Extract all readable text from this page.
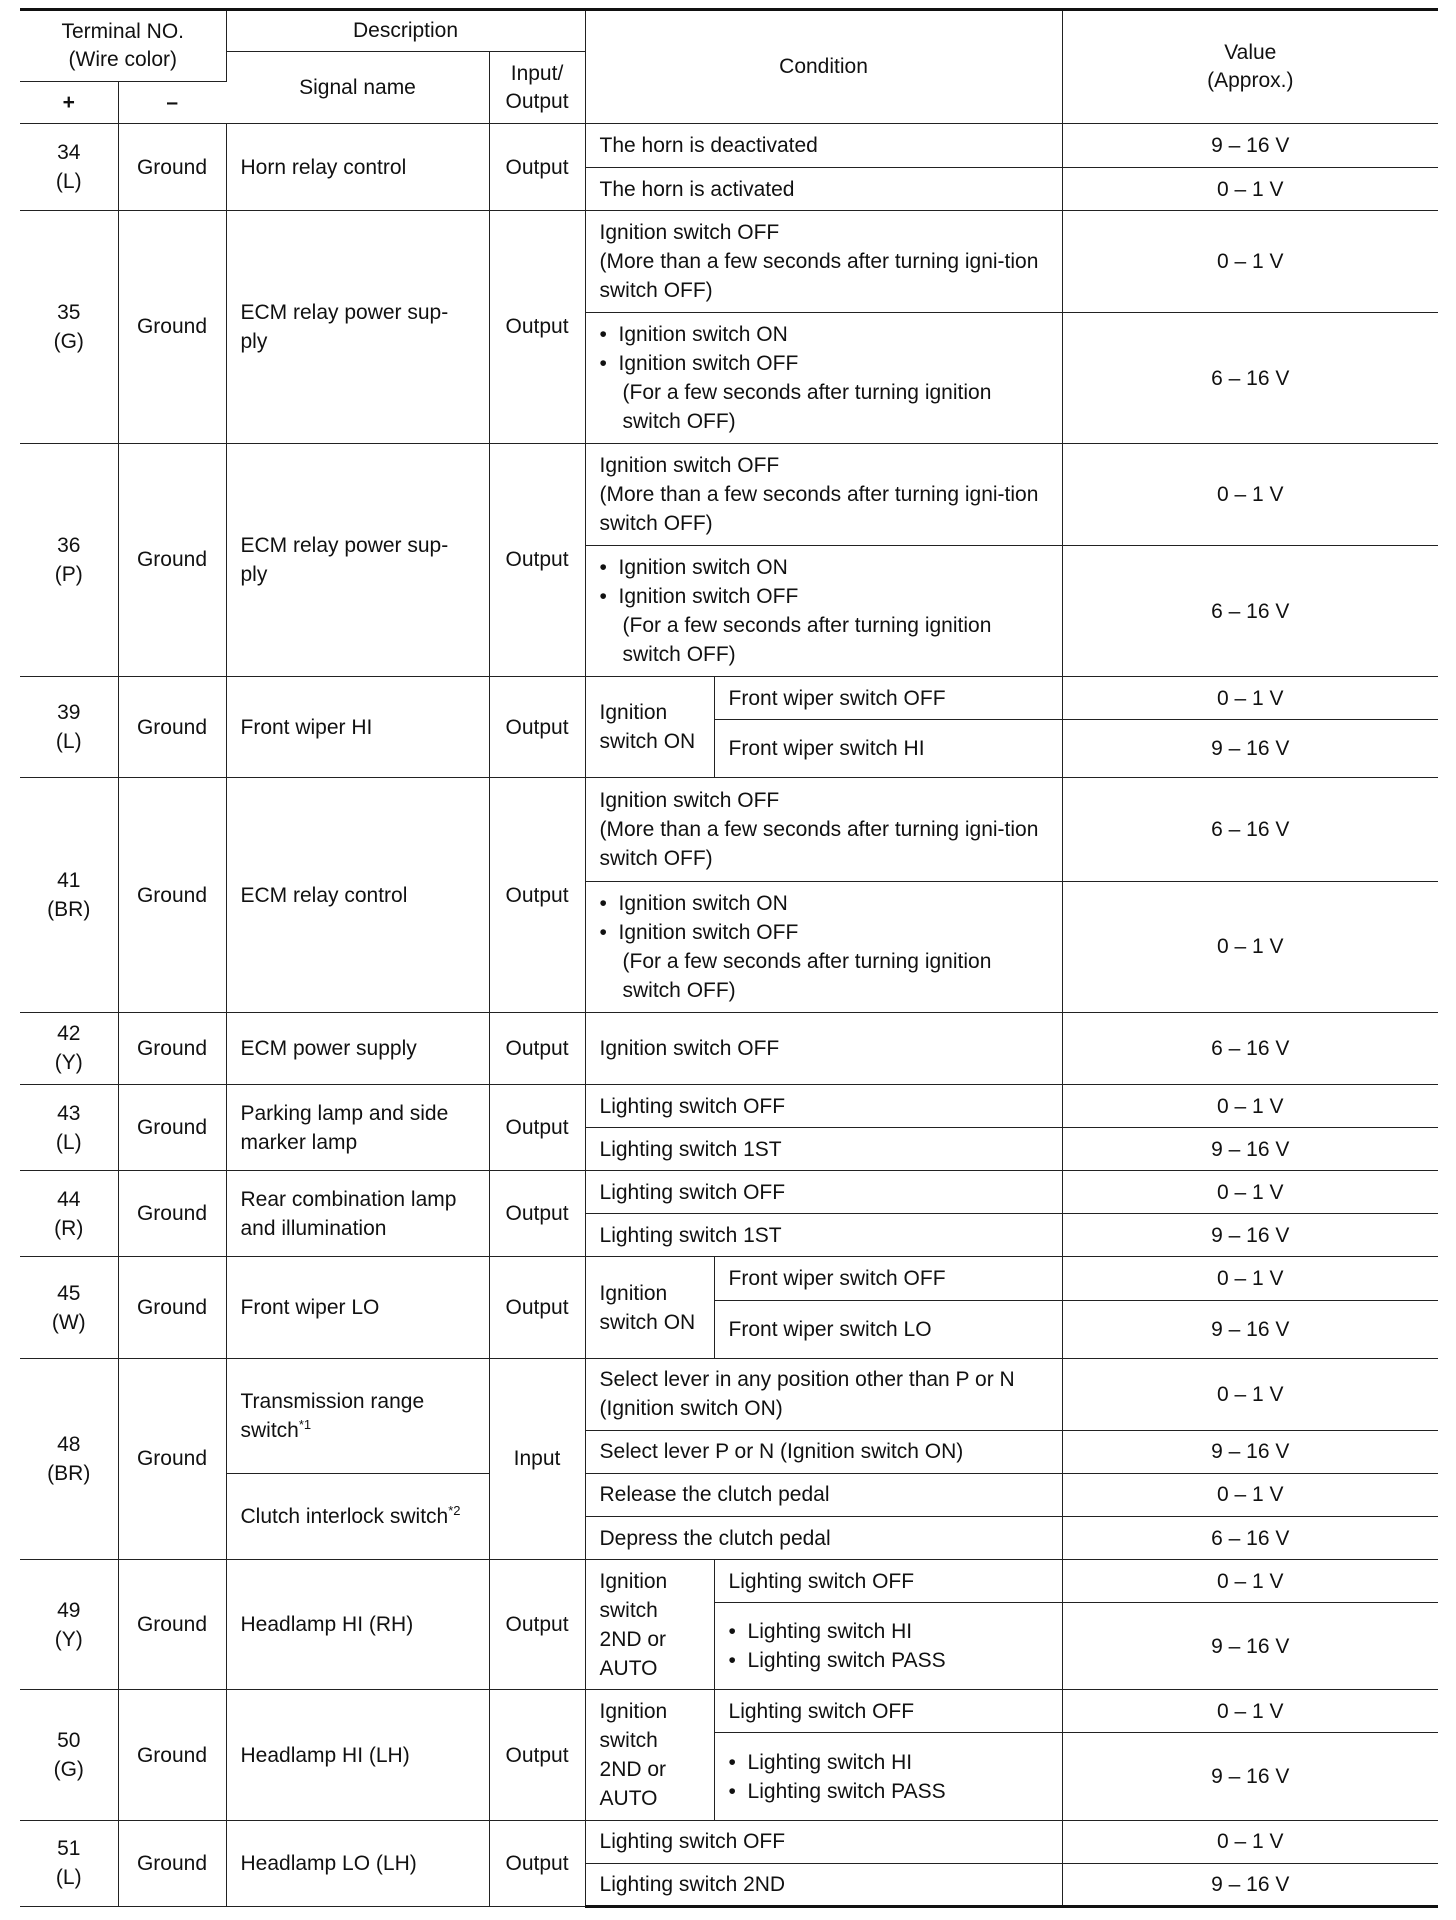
Terminal NO.
(Wire color)		Description		Condition		Value
(Approx.)
		Signal name	Input/
Output			
+	–					
34
(L)	Ground	Horn relay control	Output	The horn is deactivated		9 – 16 V
				The horn is activated		0 – 1 V
35
(G)	Ground	ECM relay power sup-ply	Output	Ignition switch OFF
(More than a few seconds after turning igni-tion switch OFF)		0 – 1 V

				•  Ignition switch ON
•  Ignition switch OFF
(For a few seconds after turning ignition switch OFF)		6 – 16 V
36
(P)	Ground	ECM relay power sup-ply	Output	Ignition switch OFF
(More than a few seconds after turning igni-tion switch OFF)		0 – 1 V

				•  Ignition switch ON
•  Ignition switch OFF
(For a few seconds after turning ignition switch OFF)		6 – 16 V
39
(L)	Ground	Front wiper HI	Output	Ignition switch ON	Front wiper switch OFF	0 – 1 V
					Front wiper switch HI	9 – 16 V
41
(BR)	Ground	ECM relay control	Output	Ignition switch OFF
(More than a few seconds after turning igni-tion switch OFF)		6 – 16 V

				•  Ignition switch ON
•  Ignition switch OFF
(For a few seconds after turning ignition switch OFF)		0 – 1 V
42
(Y)	Ground	ECM power supply	Output	Ignition switch OFF		6 – 16 V
43
(L)	Ground	Parking lamp and side marker lamp	Output	Lighting switch OFF		0 – 1 V
				Lighting switch 1ST		9 – 16 V
44
(R)	Ground	Rear combination lamp and illumination	Output	Lighting switch OFF		0 – 1 V
				Lighting switch 1ST		9 – 16 V
45
(W)	Ground	Front wiper LO	Output	Ignition switch ON	Front wiper switch OFF	0 – 1 V
					Front wiper switch LO	9 – 16 V
48
(BR)	Ground	Transmission range switch$^{*1}$	Input	Select lever in any position other than P or N (Ignition switch ON)		0 – 1 V
				Select lever P or N (Ignition switch ON)		9 – 16 V
		Clutch interlock switch$^{*2}$		Release the clutch pedal		0 – 1 V
				Depress the clutch pedal		6 – 16 V
49
(Y)	Ground	Headlamp HI (RH)	Output	Ignition switch 2ND or AUTO	Lighting switch OFF	0 – 1 V

					•  Lighting switch HI
•  Lighting switch PASS	9 – 16 V
50
(G)	Ground	Headlamp HI (LH)	Output	Ignition switch 2ND or AUTO	Lighting switch OFF	0 – 1 V

					•  Lighting switch HI
•  Lighting switch PASS	9 – 16 V
51
(L)	Ground	Headlamp LO (LH)	Output	Lighting switch OFF		0 – 1 V
				Lighting switch 2ND		9 – 16 V
